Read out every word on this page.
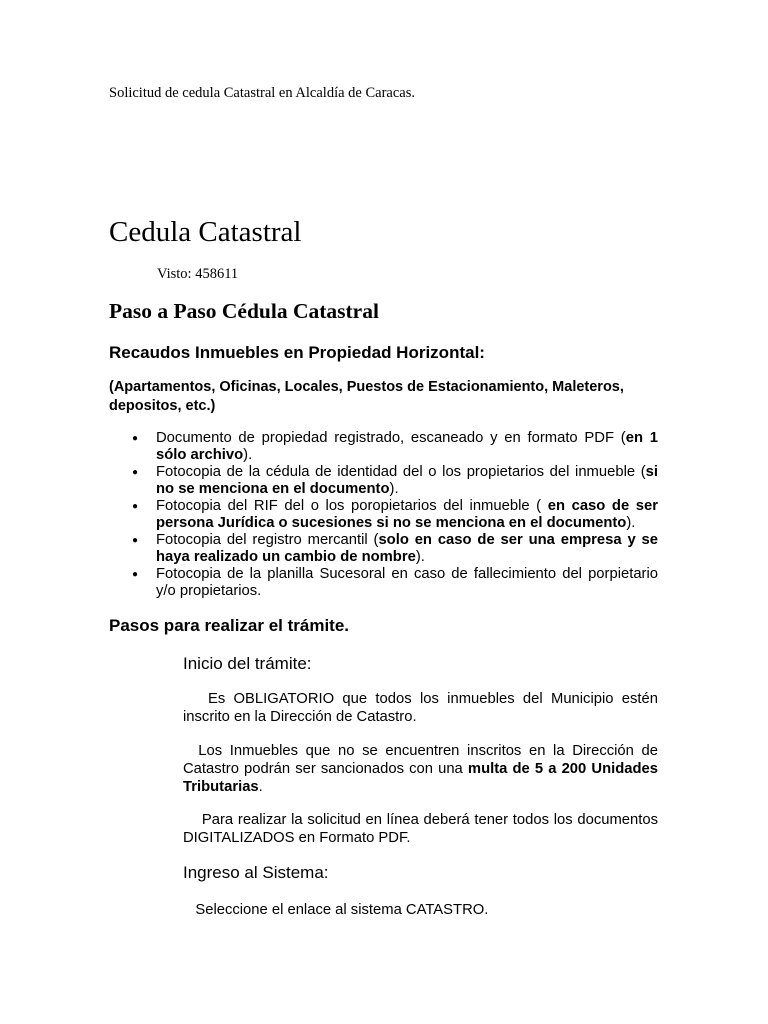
Solicitud de cedula Catastral en Alcaldía de Caracas.
Cedula Catastral
Visto: 458611
Paso a Paso Cédula Catastral
Recaudos Inmuebles en Propiedad Horizontal:
(Apartamentos, Oficinas, Locales, Puestos de Estacionamiento, Maleteros, depositos, etc.)
● Documento de propiedad registrado, escaneado y en formato PDF (en 1 sólo archivo).
● Fotocopia de la cédula de identidad del o los propietarios del inmueble (si no se menciona en el documento).
● Fotocopia del RIF del o los poropietarios del inmueble ( en caso de ser persona Jurídica o sucesiones si no se menciona en el documento).
● Fotocopia del registro mercantil (solo en caso de ser una empresa y se haya realizado un cambio de nombre).
● Fotocopia de la planilla Sucesoral en caso de fallecimiento del porpietario y/o propietarios.
Pasos para realizar el trámite.
Inicio del trámite:
Es OBLIGATORIO que todos los inmuebles del Municipio estén inscrito en la Dirección de Catastro.
Los Inmuebles que no se encuentren inscritos en la Dirección de Catastro podrán ser sancionados con una multa de 5 a 200 Unidades Tributarias.
Para realizar la solicitud en línea deberá tener todos los documentos DIGITALIZADOS en Formato PDF.
Ingreso al Sistema:
Seleccione el enlace al sistema CATASTRO.
